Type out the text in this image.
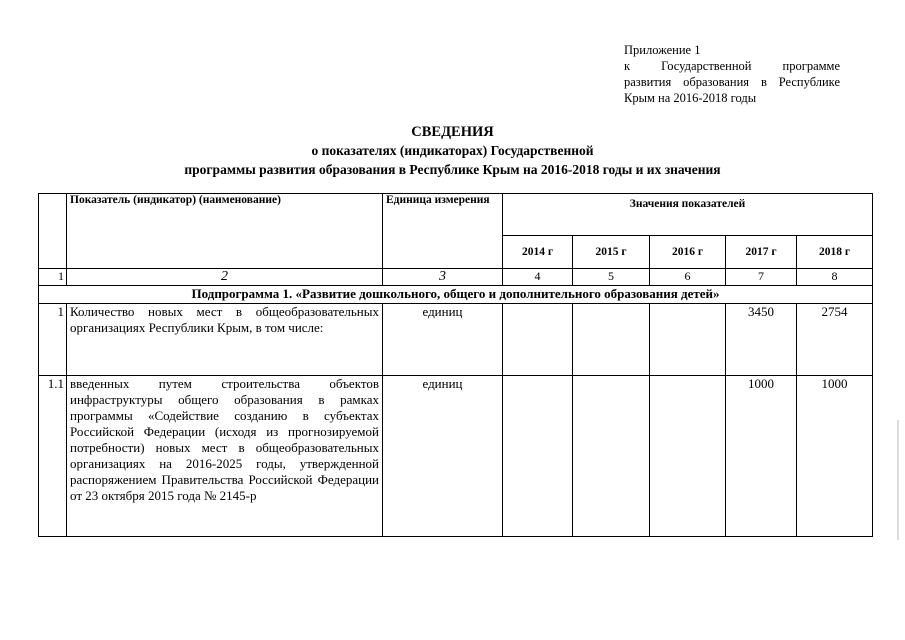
Приложение 1
к Государственной программе
развития образования в Республике
Крым на 2016-2018 годы
СВЕДЕНИЯ
о показателях (индикаторах) Государственной
программы развития образования в Республике Крым на 2016-2018 годы и их значения
	Показатель (индикатор) (наименование)	Единица измерения	Значения показателей				
			2014 г	2015 г	2016 г	2017 г	2018 г
1	2	3	4	5	6	7	8
Подпрограмма 1. «Развитие дошкольного, общего и дополнительного образования детей»							
1	Количество новых мест в общеобразовательных организациях Республики Крым, в том числе:	единиц				3450	2754
1.1	введенных путем строительства объектов инфраструктуры общего образования в рамках программы «Содействие созданию в субъектах Российской Федерации (исходя из прогнозируемой потребности) новых мест в общеобразовательных организациях на 2016-2025 годы, утвержденной распоряжением Правительства Российской Федерации от 23 октября 2015 года № 2145-р	единиц				1000	1000
